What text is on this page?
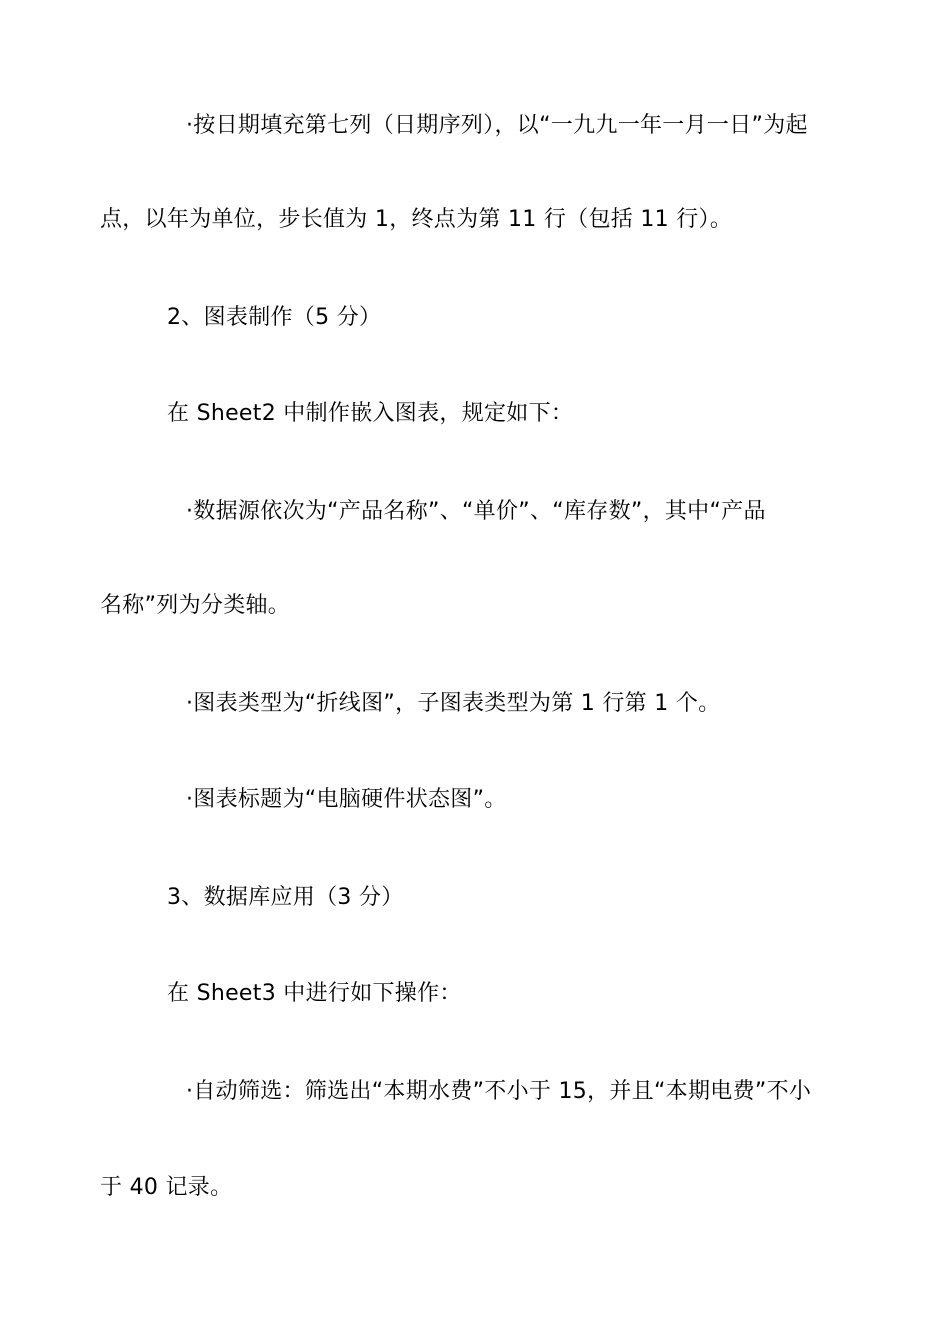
·按日期填充第七列（日期序列），以“一九九一年一月一日”为起
点，以年为单位，步长值为 1，终点为第 11 行（包括 11 行）。
2、图表制作（5 分）
在 Sheet2 中制作嵌入图表，规定如下：
·数据源依次为“产品名称”、“单价”、“库存数”，其中“产品
名称”列为分类轴。
·图表类型为“折线图”，子图表类型为第 1 行第 1 个。
·图表标题为“电脑硬件状态图”。
3、数据库应用（3 分）
在 Sheet3 中进行如下操作：
·自动筛选：筛选出“本期水费”不小于 15，并且“本期电费”不小
于 40 记录。
